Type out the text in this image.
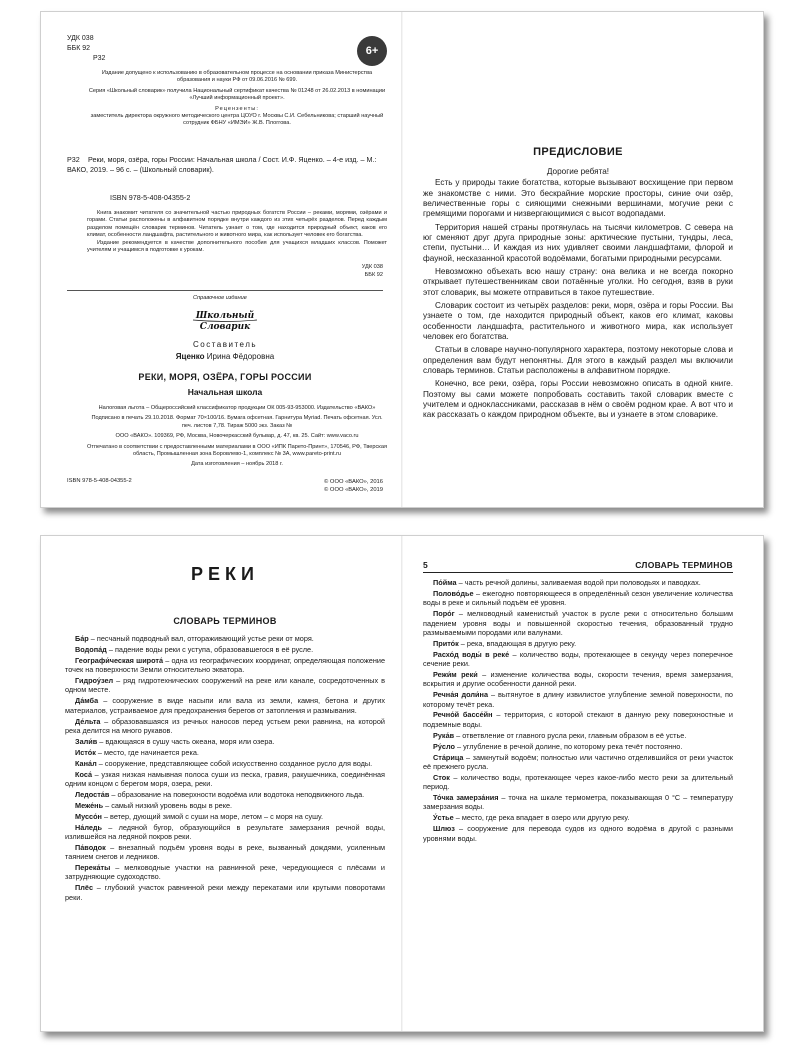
УДК 038
ББК 92
Р32
6+
Издание допущено к использованию в образовательном процессе на основании приказа Министерства образования и науки РФ от 09.06.2016 № 699.
Серия «Школьный словарик» получила Национальный сертификат качества № 01248 от 26.02.2013 в номинации «Лучший информационный проект».
Рецензенты:
заместитель директора окружного методического центра ЦОУО г. Москвы С.И. Себельникова; старший научный сотрудник ФБНУ «ИМЭИ» Ж.В. Плоггова.
Р32 Реки, моря, озёра, горы России: Начальная школа / Сост. И.Ф. Яценко. – 4-е изд. – М.: ВАКО, 2019. – 96 с. – (Школьный словарик).
ISBN 978-5-408-04355-2
Книга знакомит читателя со значительной частью природных богатств России – реками, морями, озёрами и горами. Статьи расположены в алфавитном порядке внутри каждого из этих четырёх разделов. Перед каждым разделом помещён словарик терминов. Читатель узнает о том, где находится природный объект, каков его климат, особенности ландшафта, растительного и животного мира, как использует человек его богатства.
Издание рекомендуется в качестве дополнительного пособия для учащихся младших классов. Поможет учителям и учащимся в подготовке к урокам.
УДК 038
ББК 92
Справочное издание
Школьный
Словарик
Составитель
Яценко Ирина Фёдоровна
РЕКИ, МОРЯ, ОЗЁРА, ГОРЫ РОССИИ
Начальная школа
Налоговая льгота – Общероссийский классификатор продукции ОК 005-93-953000. Издательство «ВАКО»
Подписано в печать 29.10.2018. Формат 70×100/16. Бумага офсетная. Гарнитура Myriad. Печать офсетная. Усл. печ. листов 7,78. Тираж 5000 экз. Заказ №
ООО «ВАКО». 109369, РФ, Москва, Новочеркасский бульвар, д. 47, кв. 25. Сайт: www.vaco.ru
Отпечатано в соответствии с предоставленными материалами в ООО «ИПК Парето-Принт», 170546, РФ, Тверская область, Промышленная зона Боровлево-1, комплекс № 3А, www.pareto-print.ru
Дата изготовления – ноябрь 2018 г.
ISBN 978-5-408-04355-2	© ООО «ВАКО», 2016
© ООО «ВАКО», 2019
ПРЕДИСЛОВИЕ
Дорогие ребята!
Есть у природы такие богатства, которые вызывают восхищение при первом же знакомстве с ними. Это бескрайние морские просторы, синие очи озёр, величественные горы с сияющими снежными вершинами, могучие реки с гремящими порогами и низвергающимися с высот водопадами.
Территория нашей страны протянулась на тысячи километров. С севера на юг сменяют друг друга природные зоны: арктические пустыни, тундры, леса, степи, пустыни… И каждая из них удивляет своими ландшафтами, флорой и фауной, несказанной красотой водоёмами, богатыми природными ресурсами.
Невозможно объехать всю нашу страну: она велика и не всегда покорно открывает путешественникам свои потаённые уголки. Но сегодня, взяв в руки этот словарик, вы можете отправиться в такое путешествие.
Словарик состоит из четырёх разделов: реки, моря, озёра и горы России. Вы узнаете о том, где находится природный объект, каков его климат, каковы особенности ландшафта, растительного и животного мира, как использует человек его богатства.
Статьи в словаре научно-популярного характера, поэтому некоторые слова и определения вам будут непонятны. Для этого в каждый раздел мы включили словарь терминов. Статьи расположены в алфавитном порядке.
Конечно, все реки, озёра, горы России невозможно описать в одной книге. Поэтому вы сами можете попробовать составить такой словарик вместе с учителем и одноклассниками, рассказав в нём о своём родном крае. А вот что и как рассказать о каждом природном объекте, вы и узнаете в этом словарике.
РЕКИ
СЛОВАРЬ ТЕРМИНОВ
Ба́р – песчаный подводный вал, отгораживающий устье реки от моря.
Водопа́д – падение воды реки с уступа, образовавшегося в её русле.
Географи́ческая широта́ – одна из географических координат, определяющая положение точек на поверхности Земли относительно экватора.
Гидроу́зел – ряд гидротехнических сооружений на реке или канале, сосредоточенных в одном месте.
Да́мба – сооружение в виде насыпи или вала из земли, камня, бетона и других материалов, устраиваемое для предохранения берегов от затопления и размывания.
Де́льта – образовавшаяся из речных наносов перед устьем реки равнина, на которой река делится на много рукавов.
Зали́в – вдающаяся в сушу часть океана, моря или озера.
Исто́к – место, где начинается река.
Кана́л – сооружение, представляющее собой искусственно созданное русло для воды.
Коса́ – узкая низкая намывная полоса суши из песка, гравия, ракушечника, соединённая одним концом с берегом моря, озера, реки.
Ледоста́в – образование на поверхности водоёма или водотока неподвижного льда.
Меже́нь – самый низкий уровень воды в реке.
Муссо́н – ветер, дующий зимой с суши на море, летом – с моря на сушу.
На́ледь – ледяной бугор, образующийся в результате замерзания речной воды, излившейся на ледяной покров реки.
Па́водок – внезапный подъём уровня воды в реке, вызванный дождями, усиленным таянием снегов и ледников.
Перека́ты – мелководные участки на равнинной реке, чередующиеся с плёсами и затрудняющие судоходство.
Плёс – глубокий участок равнинной реки между перекатами или крутыми поворотами реки.
5	СЛОВАРЬ ТЕРМИНОВ
По́йма – часть речной долины, заливаемая водой при половодьях и паводках.
Полово́дье – ежегодно повторяющееся в определённый сезон увеличение количества воды в реке и сильный подъём её уровня.
Поро́г – мелководный каменистый участок в русле реки с относительно большим падением уровня воды и повышенной скоростью течения, образованный трудно размываемыми породами или валунами.
Прито́к – река, впадающая в другую реку.
Расхо́д воды́ в реке́ – количество воды, протекающее в секунду через поперечное сечение реки.
Режи́м реки́ – изменение количества воды, скорости течения, время замерзания, вскрытия и другие особенности данной реки.
Речна́я доли́на – вытянутое в длину извилистое углубление земной поверхности, по которому течёт река.
Речно́й бассе́йн – территория, с которой стекают в данную реку поверхностные и подземные воды.
Рука́в – ответвление от главного русла реки, главным образом в её устье.
Ру́сло – углубление в речной долине, по которому река течёт постоянно.
Ста́рица – замкнутый водоём; полностью или частично отделившийся от реки участок её прежнего русла.
Сток – количество воды, протекающее через какое-либо место реки за длительный период.
То́чка замерза́ния – точка на шкале термометра, показывающая 0 °С – температуру замерзания воды.
У́стье – место, где река впадает в озеро или другую реку.
Шлюз – сооружение для перевода судов из одного водоёма в другой с разными уровнями воды.
